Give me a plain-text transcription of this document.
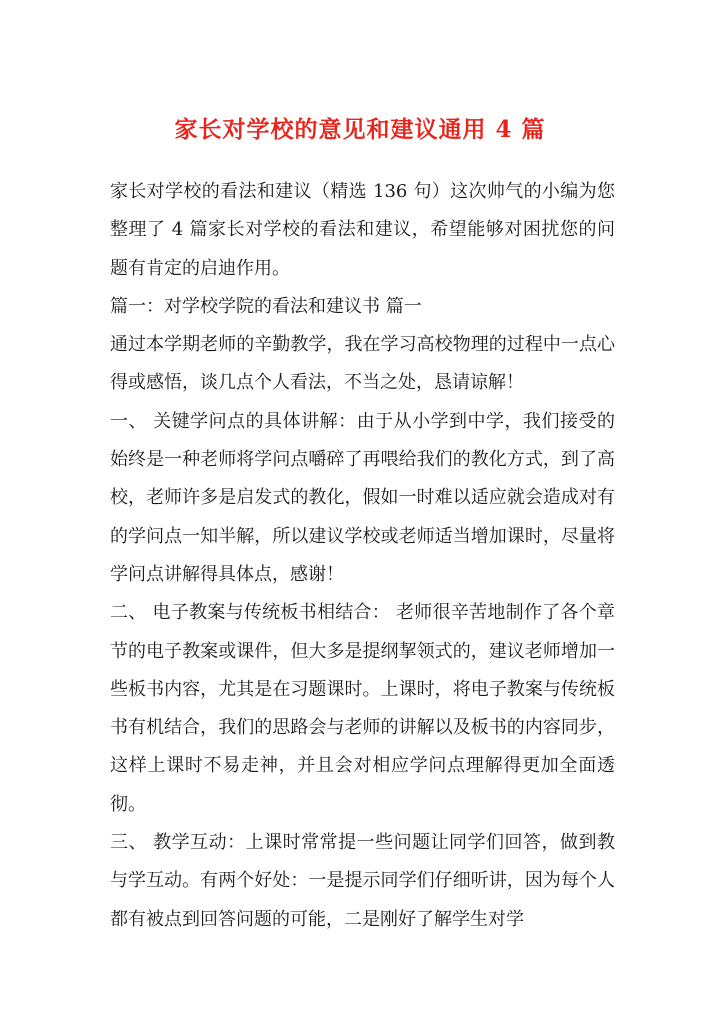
家长对学校的意见和建议通用 4 篇

家长对学校的看法和建议（精选 136 句）这次帅气的小编为您整理了 4 篇家长对学校的看法和建议，希望能够对困扰您的问题有肯定的启迪作用。

篇一：对学校学院的看法和建议书 篇一

通过本学期老师的辛勤教学，我在学习高校物理的过程中一点心得或感悟，谈几点个人看法，不当之处，恳请谅解！

一、 关键学问点的具体讲解：由于从小学到中学，我们接受的始终是一种老师将学问点嚼碎了再喂给我们的教化方式，到了高校，老师许多是启发式的教化，假如一时难以适应就会造成对有的学问点一知半解，所以建议学校或老师适当增加课时，尽量将学问点讲解得具体点，感谢！

二、 电子教案与传统板书相结合： 老师很辛苦地制作了各个章节的电子教案或课件，但大多是提纲挈领式的，建议老师增加一些板书内容，尤其是在习题课时。上课时，将电子教案与传统板书有机结合，我们的思路会与老师的讲解以及板书的内容同步，这样上课时不易走神，并且会对相应学问点理解得更加全面透彻。

三、 教学互动：上课时常常提一些问题让同学们回答，做到教与学互动。有两个好处：一是提示同学们仔细听讲，因为每个人都有被点到回答问题的可能，二是刚好了解学生对学
